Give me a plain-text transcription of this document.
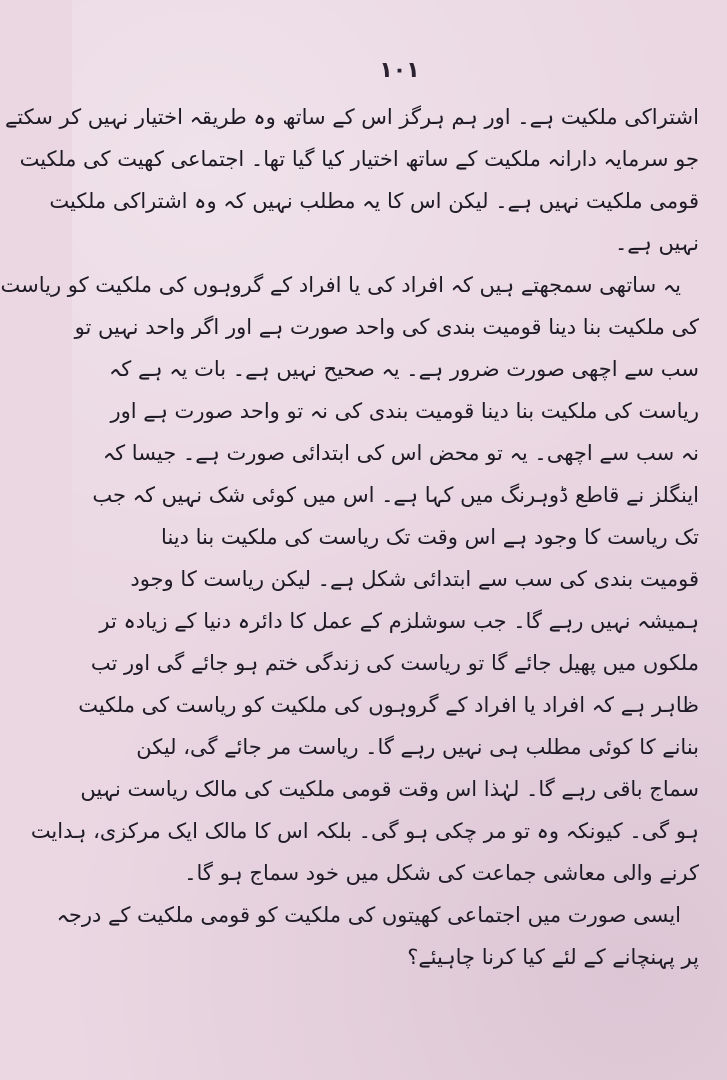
۱۰۱
اشتراکی ملکیت ہے۔ اور ہم ہرگز اس کے ساتھ وہ طریقہ اختیار نہیں کر سکتے
جو سرمایہ دارانہ ملکیت کے ساتھ اختیار کیا گیا تھا۔ اجتماعی کھیت کی ملکیت
قومی ملکیت نہیں ہے۔ لیکن اس کا یہ مطلب نہیں کہ وہ اشتراکی ملکیت
نہیں ہے۔
یہ ساتھی سمجھتے ہیں کہ افراد کی یا افراد کے گروہوں کی ملکیت کو ریاست
کی ملکیت بنا دینا قومیت بندی کی واحد صورت ہے اور اگر واحد نہیں تو
سب سے اچھی صورت ضرور ہے۔ یہ صحیح نہیں ہے۔ بات یہ ہے کہ
ریاست کی ملکیت بنا دینا قومیت بندی کی نہ تو واحد صورت ہے اور
نہ سب سے اچھی۔ یہ تو محض اس کی ابتدائی صورت ہے۔ جیسا کہ
اینگلز نے قاطع ڈوہرنگ میں کہا ہے۔ اس میں کوئی شک نہیں کہ جب
تک ریاست کا وجود ہے اس وقت تک ریاست کی ملکیت بنا دینا
قومیت بندی کی سب سے ابتدائی شکل ہے۔ لیکن ریاست کا وجود
ہمیشہ نہیں رہے گا۔ جب سوشلزم کے عمل کا دائرہ دنیا کے زیادہ تر
ملکوں میں پھیل جائے گا تو ریاست کی زندگی ختم ہو جائے گی اور تب
ظاہر ہے کہ افراد یا افراد کے گروہوں کی ملکیت کو ریاست کی ملکیت
بنانے کا کوئی مطلب ہی نہیں رہے گا۔ ریاست مر جائے گی، لیکن
سماج باقی رہے گا۔ لہٰذا اس وقت قومی ملکیت کی مالک ریاست نہیں
ہو گی۔ کیونکہ وہ تو مر چکی ہو گی۔ بلکہ اس کا مالک ایک مرکزی، ہدایت
کرنے والی معاشی جماعت کی شکل میں خود سماج ہو گا۔
ایسی صورت میں اجتماعی کھیتوں کی ملکیت کو قومی ملکیت کے درجہ
پر پہنچانے کے لئے کیا کرنا چاہیئے؟
